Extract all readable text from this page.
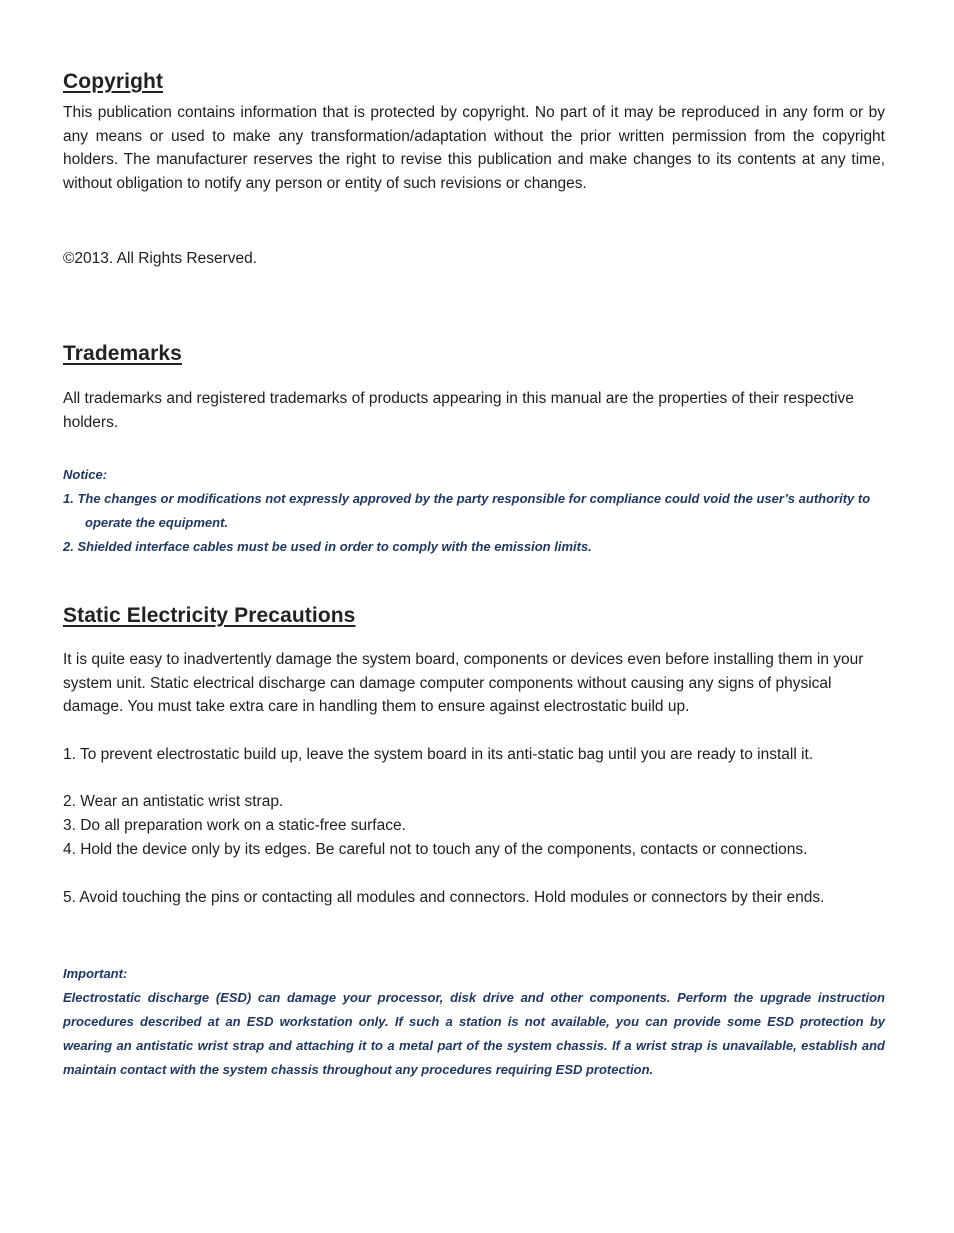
Copyright
This publication contains information that is protected by copyright. No part of it may be reproduced in any form or by any means or used to make any transformation/adaptation without the prior written permission from the copyright holders. The manufacturer reserves the right to revise this publication and make changes to its contents at any time, without obligation to notify any person or entity of such revisions or changes.
©2013. All Rights Reserved.
Trademarks
All trademarks and registered trademarks of products appearing in this manual are the properties of their respective holders.
Notice:
1. The changes or modifications not expressly approved by the party responsible for compliance could void the user’s authority to operate the equipment.
2. Shielded interface cables must be used in order to comply with the emission limits.
Static Electricity Precautions
It is quite easy to inadvertently damage the system board, components or devices even before installing them in your system unit. Static electrical discharge can damage computer components without causing any signs of physical damage. You must take extra care in handling them to ensure against electrostatic build up.
1. To prevent electrostatic build up, leave the system board in its anti-static bag until you are ready to install it.
2. Wear an antistatic wrist strap.
3. Do all preparation work on a static-free surface.
4. Hold the device only by its edges. Be careful not to touch any of the components, contacts or connections.
5. Avoid touching the pins or contacting all modules and connectors. Hold modules or connectors by their ends.
Important:
Electrostatic discharge (ESD) can damage your processor, disk drive and other components. Perform the upgrade instruction procedures described at an ESD workstation only. If such a station is not available, you can provide some ESD protection by wearing an antistatic wrist strap and attaching it to a metal part of the system chassis. If a wrist strap is unavailable, establish and maintain contact with the system chassis throughout any procedures requiring ESD protection.
